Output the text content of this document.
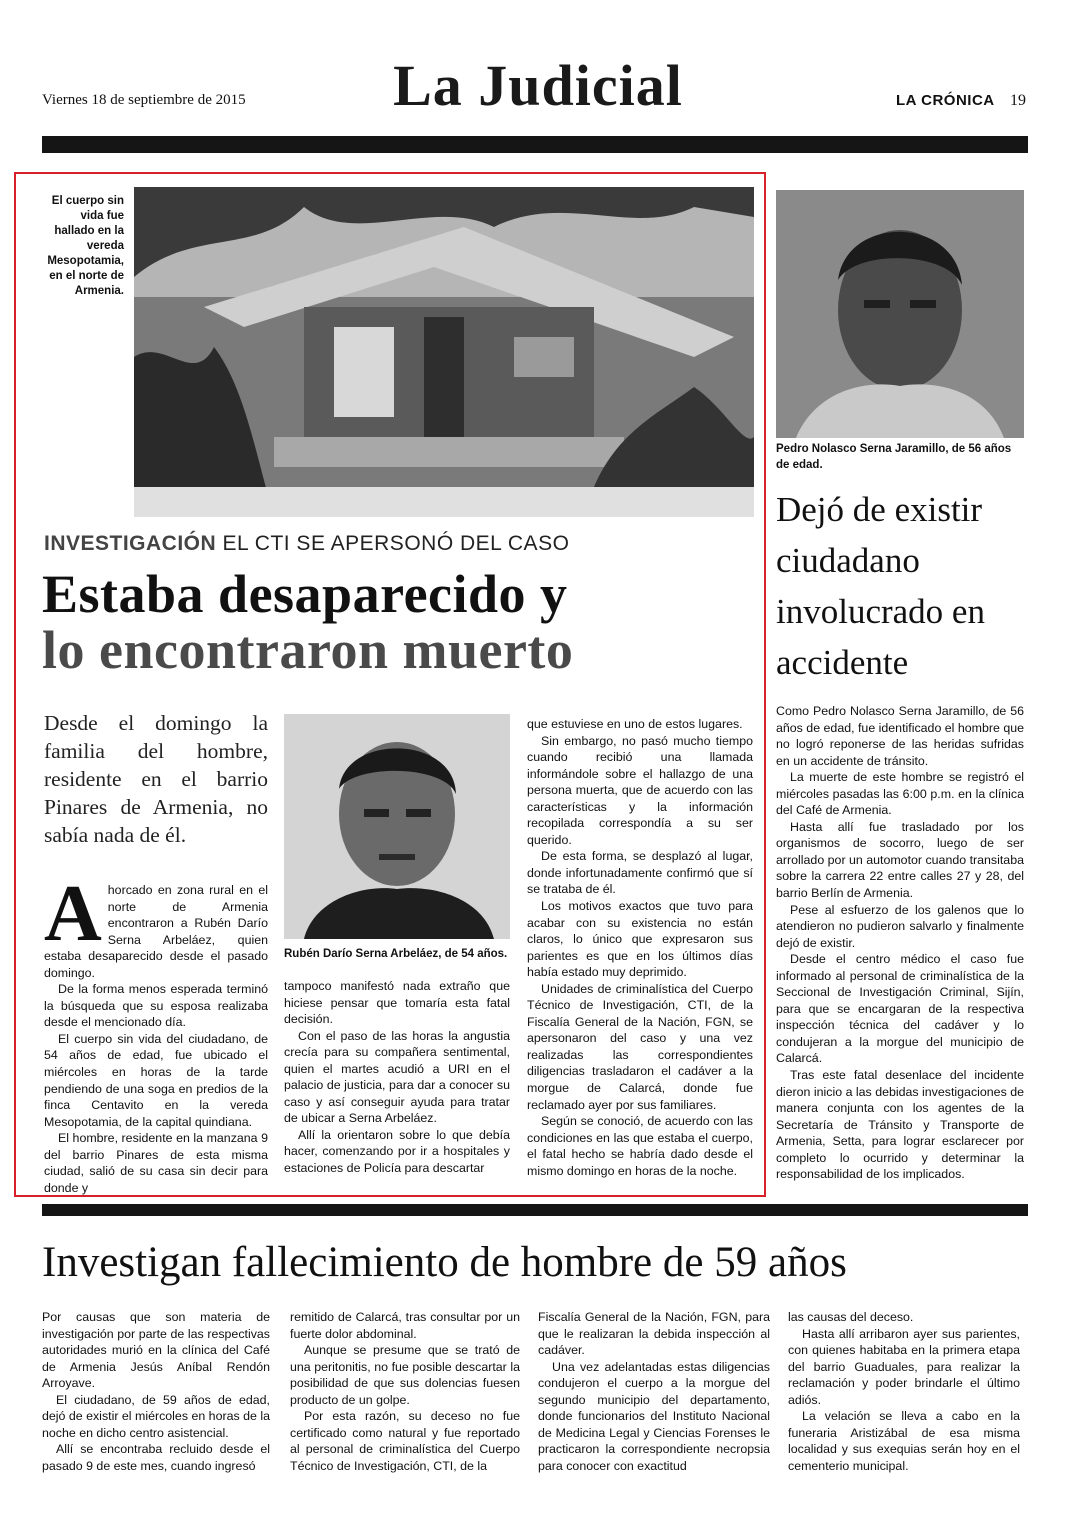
Viernes 18 de septiembre de 2015	La Judicial	LA CRÓNICA 19
El cuerpo sin vida fue hallado en la vereda Mesopotamia, en el norte de Armenia.
INVESTIGACIÓN EL CTI SE APERSONÓ DEL CASO
Estaba desaparecido y
lo encontraron muerto
Desde el domingo la familia del hombre, residente en el barrio Pinares de Armenia, no sabía nada de él.
Rubén Darío Serna Arbeláez, de 54 años.

Ahorcado en zona rural en el norte de Armenia encontraron a Rubén Darío Serna Arbeláez, quien estaba desaparecido desde el pasado domingo.

De la forma menos esperada terminó la búsqueda que su esposa realizaba desde el mencionado día.

El cuerpo sin vida del ciudadano, de 54 años de edad, fue ubicado el miércoles en horas de la tarde pendiendo de una soga en predios de la finca Centavito en la vereda Mesopotamia, de la capital quindiana.

El hombre, residente en la manzana 9 del barrio Pinares de esta misma ciudad, salió de su casa sin decir para donde y

tampoco manifestó nada extraño que hiciese pensar que tomaría esta fatal decisión.

Con el paso de las horas la angustia crecía para su compañera sentimental, quien el martes acudió a URI en el palacio de justicia, para dar a conocer su caso y así conseguir ayuda para tratar de ubicar a Serna Arbeláez.

Allí la orientaron sobre lo que debía hacer, comenzando por ir a hospitales y estaciones de Policía para descartar

que estuviese en uno de estos lugares.

Sin embargo, no pasó mucho tiempo cuando recibió una llamada informándole sobre el hallazgo de una persona muerta, que de acuerdo con las características y la información recopilada correspondía a su ser querido.

De esta forma, se desplazó al lugar, donde infortunadamente confirmó que sí se trataba de él.

Los motivos exactos que tuvo para acabar con su existencia no están claros, lo único que expresaron sus parientes es que en los últimos días había estado muy deprimido.

Unidades de criminalística del Cuerpo Técnico de Investigación, CTI, de la Fiscalía General de la Nación, FGN, se apersonaron del caso y una vez realizadas las correspondientes diligencias trasladaron el cadáver a la morgue de Calarcá, donde fue reclamado ayer por sus familiares.

Según se conoció, de acuerdo con las condiciones en las que estaba el cuerpo, el fatal hecho se habría dado desde el mismo domingo en horas de la noche.

Pedro Nolasco Serna Jaramillo, de 56 años de edad.
Dejó de existir ciudadano involucrado en accidente

Como Pedro Nolasco Serna Jaramillo, de 56 años de edad, fue identificado el hombre que no logró reponerse de las heridas sufridas en un accidente de tránsito.

La muerte de este hombre se registró el miércoles pasadas las 6:00 p.m. en la clínica del Café de Armenia.

Hasta allí fue trasladado por los organismos de socorro, luego de ser arrollado por un automotor cuando transitaba sobre la carrera 22 entre calles 27 y 28, del barrio Berlín de Armenia.

Pese al esfuerzo de los galenos que lo atendieron no pudieron salvarlo y finalmente dejó de existir.

Desde el centro médico el caso fue informado al personal de criminalística de la Seccional de Investigación Criminal, Sijín, para que se encargaran de la respectiva inspección técnica del cadáver y lo condujeran a la morgue del municipio de Calarcá.

Tras este fatal desenlace del incidente dieron inicio a las debidas investigaciones de manera conjunta con los agentes de la Secretaría de Tránsito y Transporte de Armenia, Setta, para lograr esclarecer por completo lo ocurrido y determinar la responsabilidad de los implicados.

Investigan fallecimiento de hombre de 59 años

Por causas que son materia de investigación por parte de las respectivas autoridades murió en la clínica del Café de Armenia Jesús Aníbal Rendón Arroyave.

El ciudadano, de 59 años de edad, dejó de existir el miércoles en horas de la noche en dicho centro asistencial.

Allí se encontraba recluido desde el pasado 9 de este mes, cuando ingresó

remitido de Calarcá, tras consultar por un fuerte dolor abdominal.

Aunque se presume que se trató de una peritonitis, no fue posible descartar la posibilidad de que sus dolencias fuesen producto de un golpe.

Por esta razón, su deceso no fue certificado como natural y fue reportado al personal de criminalística del Cuerpo Técnico de Investigación, CTI, de la

Fiscalía General de la Nación, FGN, para que le realizaran la debida inspección al cadáver.

Una vez adelantadas estas diligencias condujeron el cuerpo a la morgue del segundo municipio del departamento, donde funcionarios del Instituto Nacional de Medicina Legal y Ciencias Forenses le practicaron la correspondiente necropsia para conocer con exactitud

las causas del deceso.

Hasta allí arribaron ayer sus parientes, con quienes habitaba en la primera etapa del barrio Guaduales, para realizar la reclamación y poder brindarle el último adiós.

La velación se lleva a cabo en la funeraria Aristizábal de esa misma localidad y sus exequias serán hoy en el cementerio municipal.
